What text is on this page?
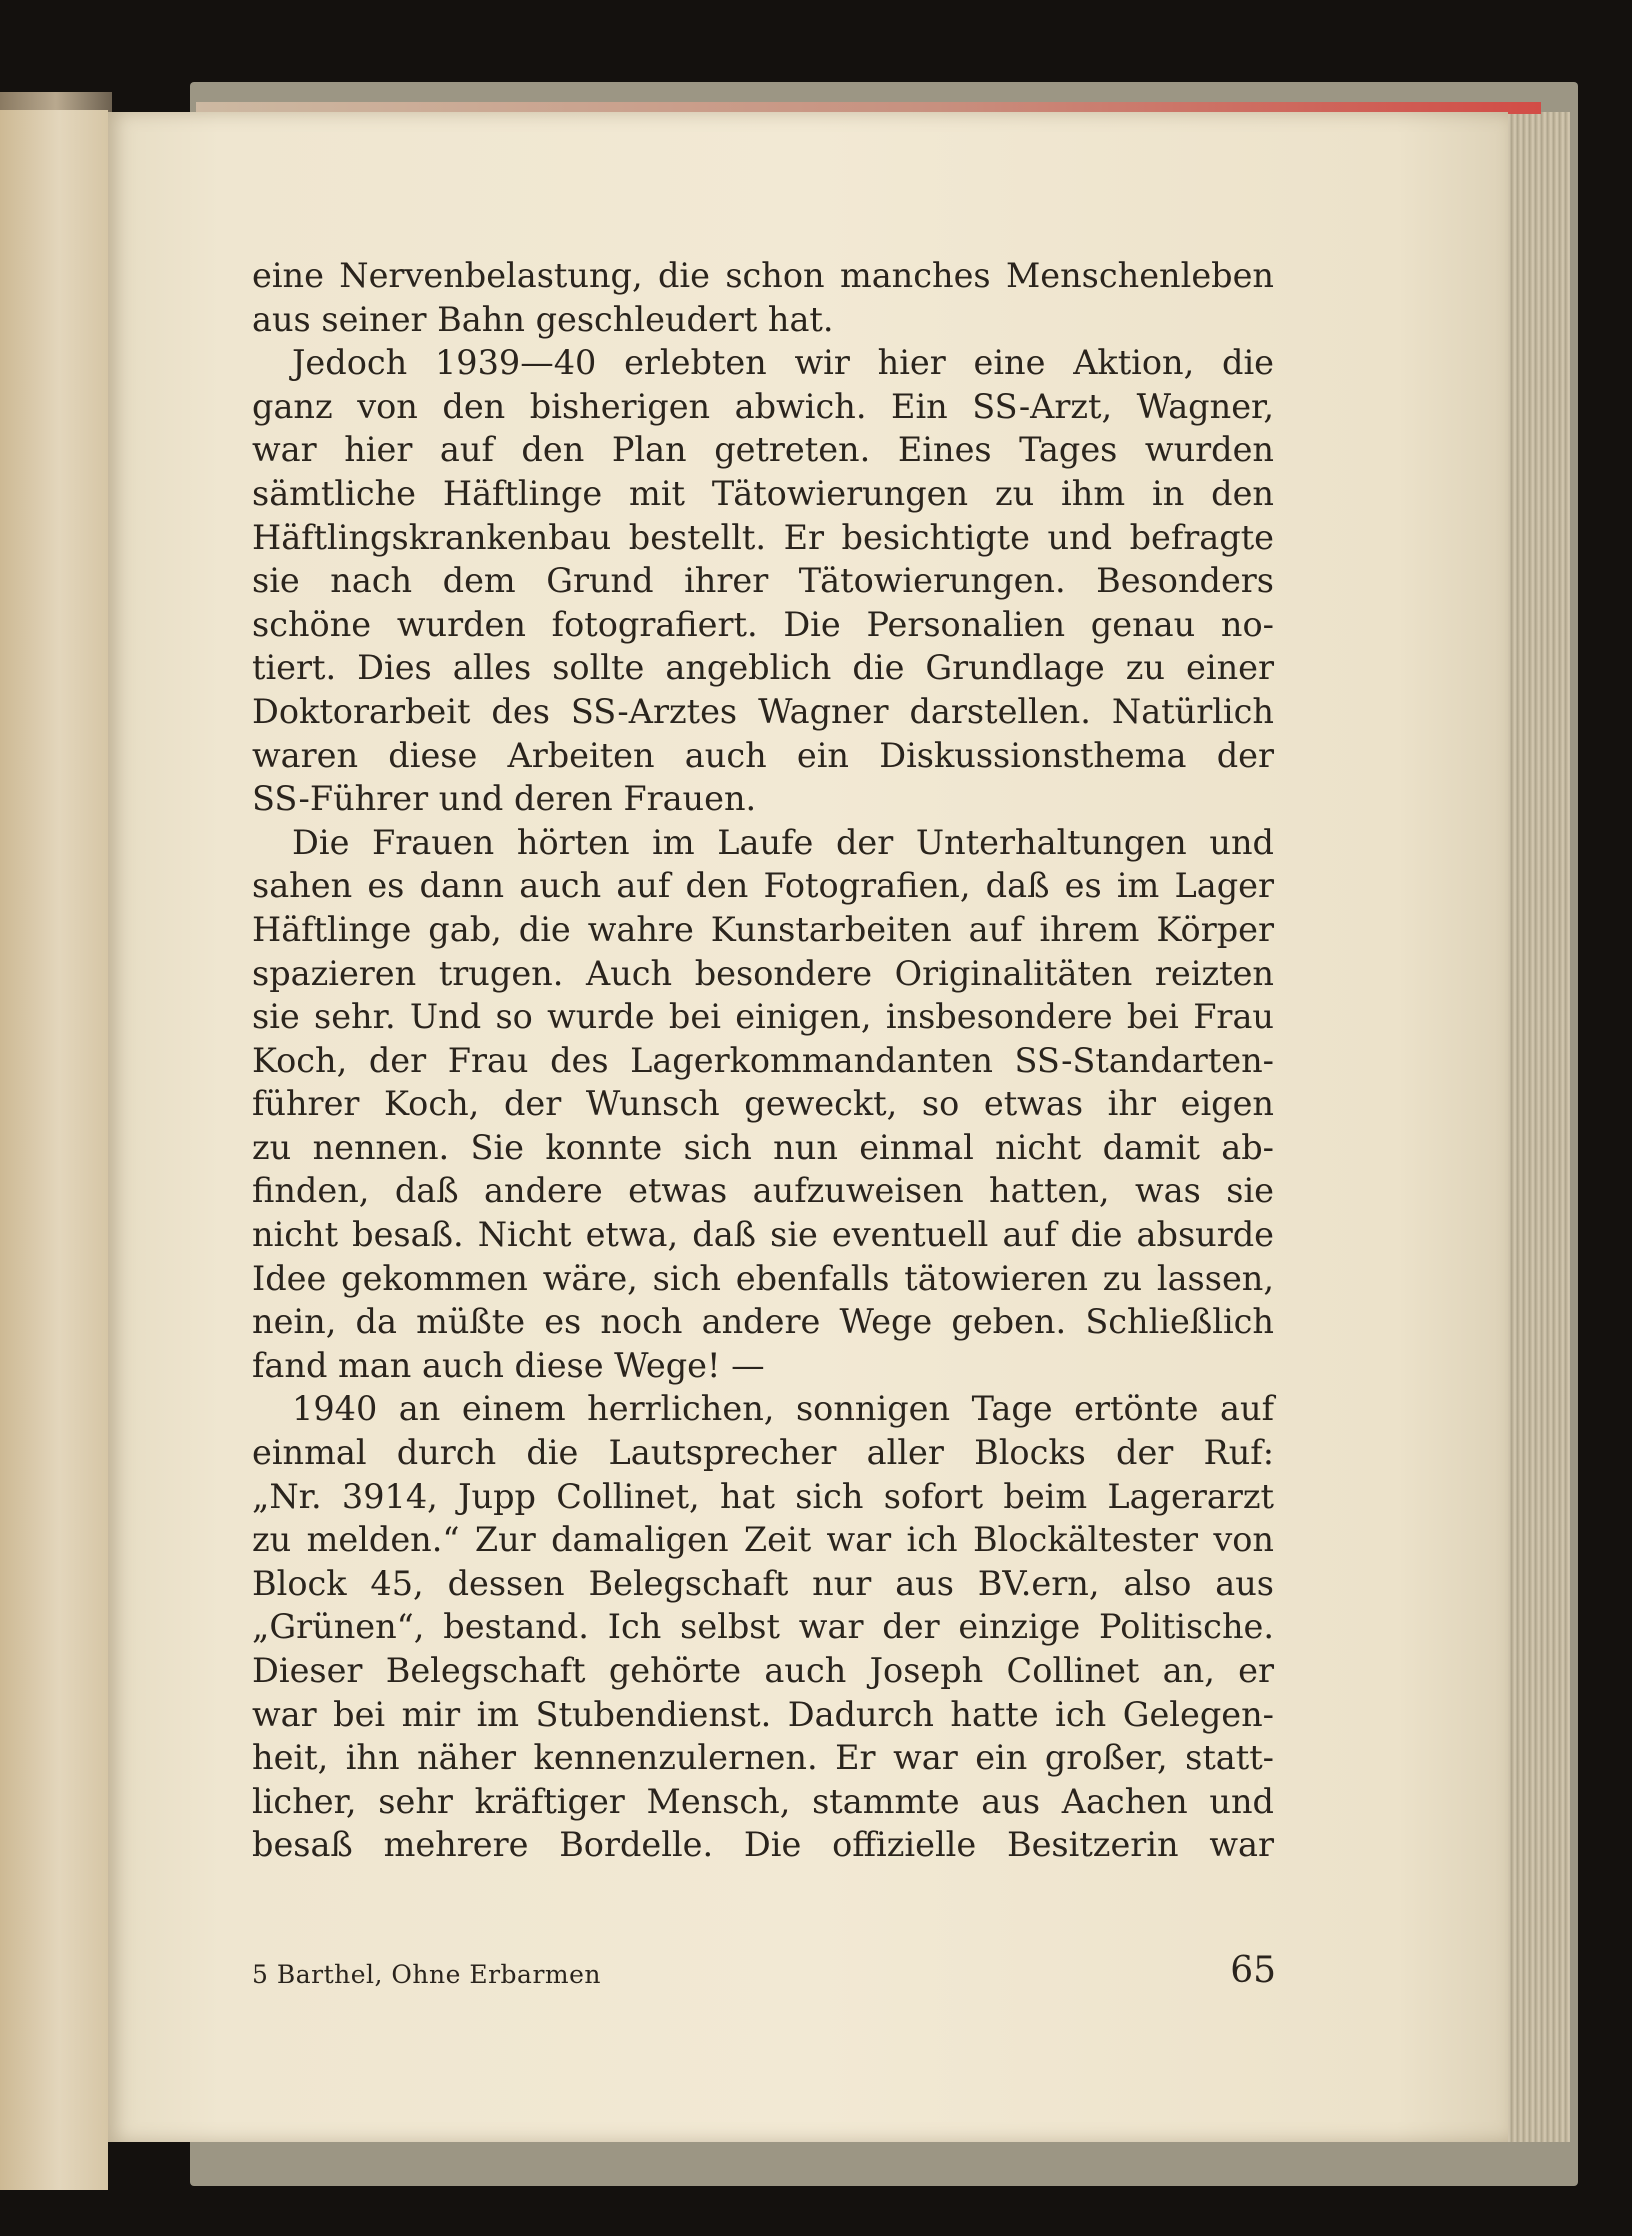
eine Nervenbelastung, die schon manches Menschenleben
aus seiner Bahn geschleudert hat.
Jedoch 1939—40 erlebten wir hier eine Aktion, die
ganz von den bisherigen abwich. Ein SS-Arzt, Wagner,
war hier auf den Plan getreten. Eines Tages wurden
sämtliche Häftlinge mit Tätowierungen zu ihm in den
Häftlingskrankenbau bestellt. Er besichtigte und befragte
sie nach dem Grund ihrer Tätowierungen. Besonders
schöne wurden fotografiert. Die Personalien genau no-
tiert. Dies alles sollte angeblich die Grundlage zu einer
Doktorarbeit des SS-Arztes Wagner darstellen. Natürlich
waren diese Arbeiten auch ein Diskussionsthema der
SS-Führer und deren Frauen.
Die Frauen hörten im Laufe der Unterhaltungen und
sahen es dann auch auf den Fotografien, daß es im Lager
Häftlinge gab, die wahre Kunstarbeiten auf ihrem Körper
spazieren trugen. Auch besondere Originalitäten reizten
sie sehr. Und so wurde bei einigen, insbesondere bei Frau
Koch, der Frau des Lagerkommandanten SS-Standarten-
führer Koch, der Wunsch geweckt, so etwas ihr eigen
zu nennen. Sie konnte sich nun einmal nicht damit ab-
finden, daß andere etwas aufzuweisen hatten, was sie
nicht besaß. Nicht etwa, daß sie eventuell auf die absurde
Idee gekommen wäre, sich ebenfalls tätowieren zu lassen,
nein, da müßte es noch andere Wege geben. Schließlich
fand man auch diese Wege! —
1940 an einem herrlichen, sonnigen Tage ertönte auf
einmal durch die Lautsprecher aller Blocks der Ruf:
„Nr. 3914, Jupp Collinet, hat sich sofort beim Lagerarzt
zu melden.“ Zur damaligen Zeit war ich Blockältester von
Block 45, dessen Belegschaft nur aus BV.ern, also aus
„Grünen“, bestand. Ich selbst war der einzige Politische.
Dieser Belegschaft gehörte auch Joseph Collinet an, er
war bei mir im Stubendienst. Dadurch hatte ich Gelegen-
heit, ihn näher kennenzulernen. Er war ein großer, statt-
licher, sehr kräftiger Mensch, stammte aus Aachen und
besaß mehrere Bordelle. Die offizielle Besitzerin war
5 Barthel, Ohne Erbarmen	65
